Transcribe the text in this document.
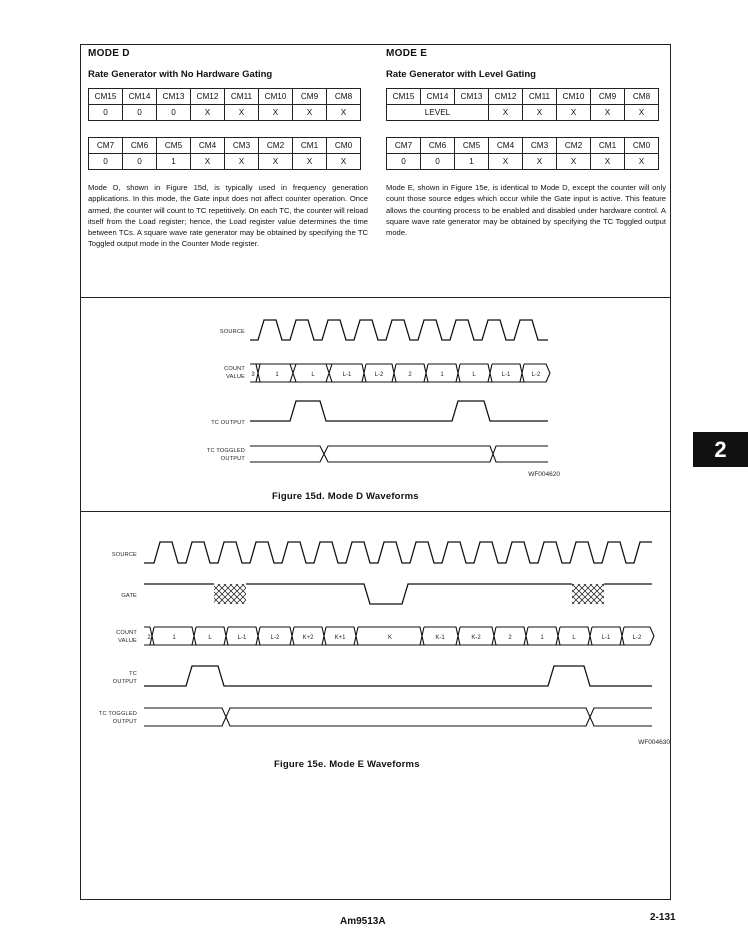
MODE D

Rate Generator with No Hardware Gating

CM15	CM14	CM13	CM12	CM11	CM10	CM9	CM8
0	0	0	X	X	X	X	X
CM7	CM6	CM5	CM4	CM3	CM2	CM1	CM0
0	0	1	X	X	X	X	X
Mode D, shown in Figure 15d, is typically used in frequency generation applications. In this mode, the Gate input does not affect counter operation. Once armed, the counter will count to TC repetitively. On each TC, the counter will reload itself from the Load register; hence, the Load register value determines the time between TCs. A square wave rate generator may be obtained by specifying the TC Toggled output mode in the Counter Mode register.

MODE E

Rate Generator with Level Gating

CM15	CM14	CM13	CM12	CM11	CM10	CM9	CM8
LEVEL			X	X	X	X	X
CM7	CM6	CM5	CM4	CM3	CM2	CM1	CM0
0	0	1	X	X	X	X	X
Mode E, shown in Figure 15e, is identical to Mode D, except the counter will only count those source edges which occur while the Gate input is active. This feature allows the counting process to be enabled and disabled under hardware control. A square wave rate generator may be obtained by specifying the TC Toggled output mode.
SOURCE
COUNT
VALUE
TC OUTPUT
TC TOGGLED
OUTPUT
3	1	L	L-1	L-2	2	1	L	L-1	L-2
WF004620
Figure 15d. Mode D Waveforms
SOURCE
GATE
COUNT
VALUE
TC
OUTPUT
TC TOGGLED
OUTPUT
2	1	L	L-1	L-2	K+2	K+1	K	K-1	K-2	2	1	L	L-1	L-2
WF004630
Figure 15e. Mode E Waveforms
2
Am9513A	2-131
